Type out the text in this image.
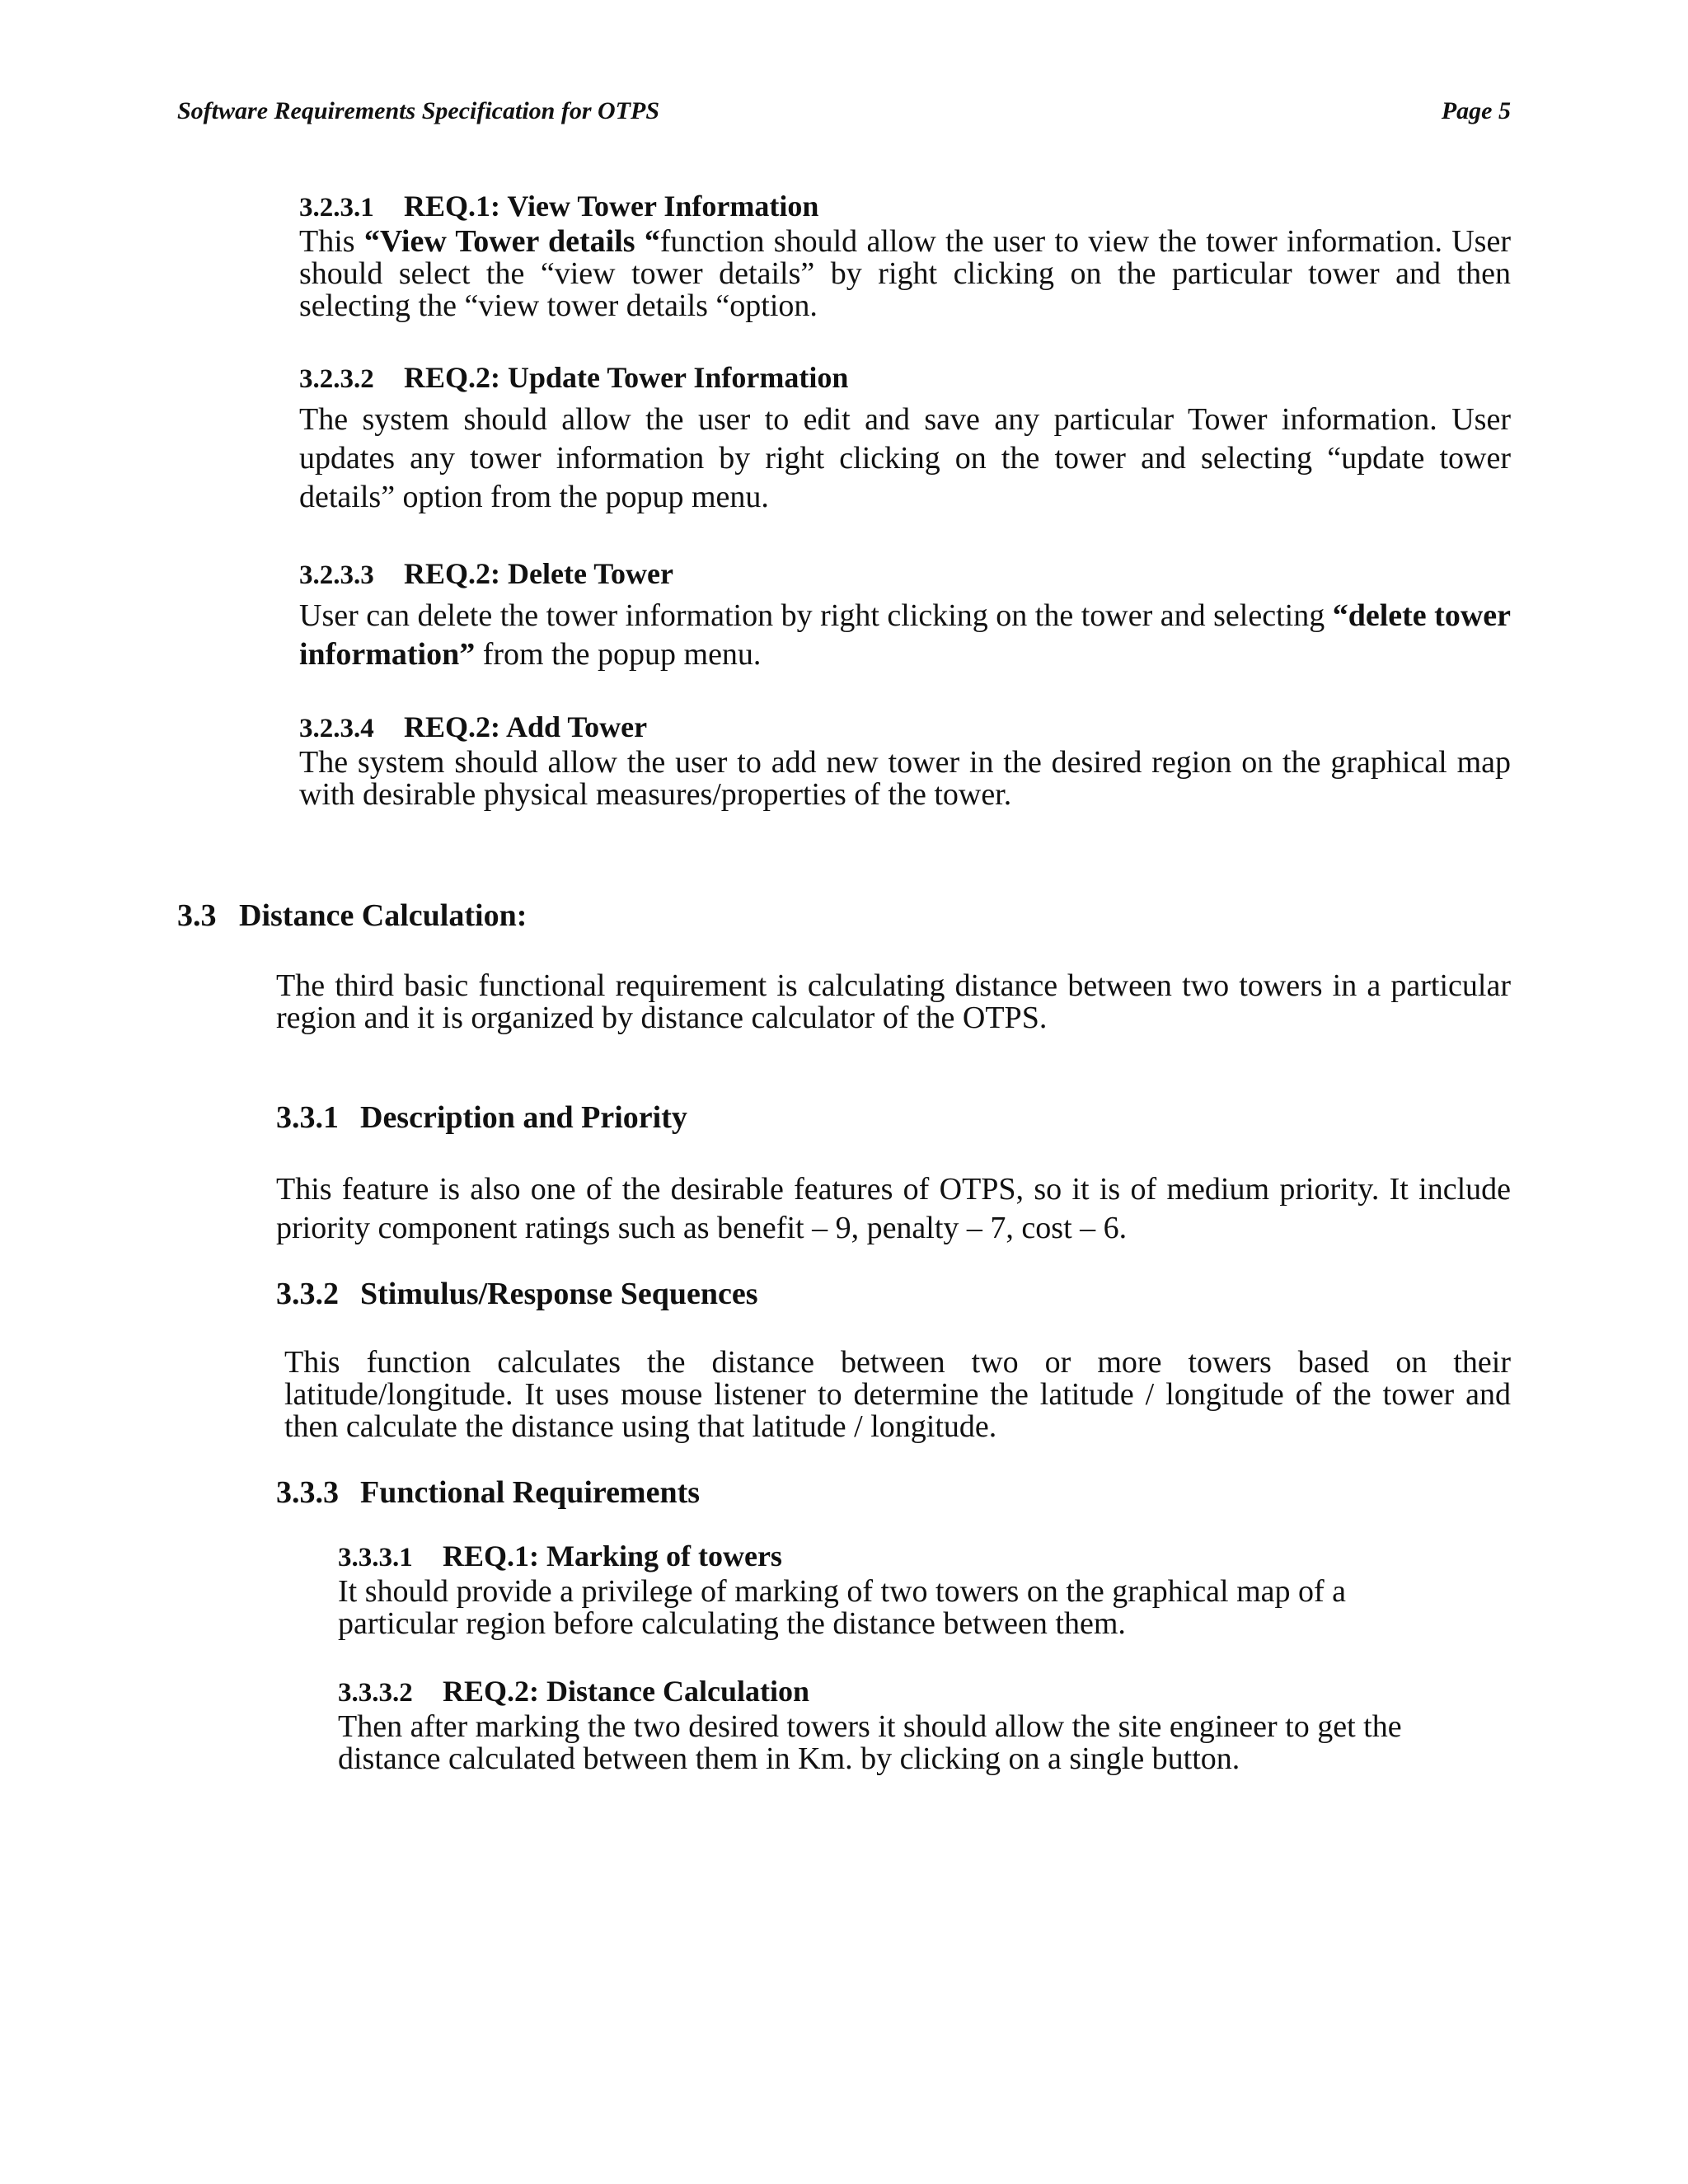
Software Requirements Specification for OTPS	Page 5
3.2.3.1 REQ.1: View Tower Information
This “View Tower details “function should allow the user to view the tower information. User should select the “view tower details” by right clicking on the particular tower and then selecting the “view tower details “option.
3.2.3.2 REQ.2: Update Tower Information
The system should allow the user to edit and save any particular Tower information. User updates any tower information by right clicking on the tower and selecting “update tower details” option from the popup menu.
3.2.3.3 REQ.2: Delete Tower
User can delete the tower information by right clicking on the tower and selecting “delete tower information” from the popup menu.
3.2.3.4 REQ.2: Add Tower
The system should allow the user to add new tower in the desired region on the graphical map with desirable physical measures/properties of the tower.
3.3 Distance Calculation:
The third basic functional requirement is calculating distance between two towers in a particular region and it is organized by distance calculator of the OTPS.
3.3.1 Description and Priority
This feature is also one of the desirable features of OTPS, so it is of medium priority. It include priority component ratings such as benefit – 9, penalty – 7, cost – 6.
3.3.2 Stimulus/Response Sequences
This function calculates the distance between two or more towers based on their latitude/longitude. It uses mouse listener to determine the latitude / longitude of the tower and then calculate the distance using that latitude / longitude.
3.3.3 Functional Requirements
3.3.3.1 REQ.1: Marking of towers
It should provide a privilege of marking of two towers on the graphical map of a particular region before calculating the distance between them.
3.3.3.2 REQ.2: Distance Calculation
Then after marking the two desired towers it should allow the site engineer to get the distance calculated between them in Km. by clicking on a single button.
